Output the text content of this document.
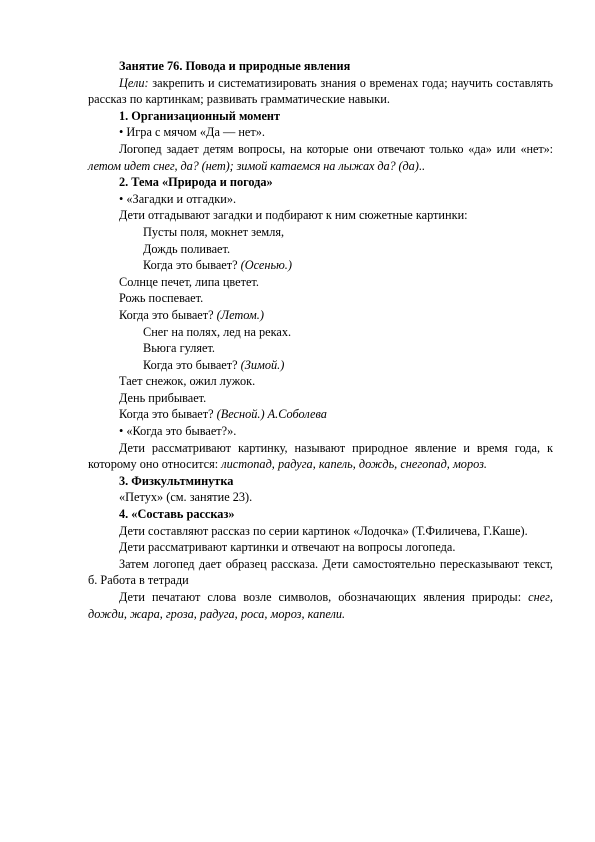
Занятие 76. Повода и природные явления

Цели: закрепить и систематизировать знания о временах года; научить составлять рассказ по картинкам; развивать грамматические навыки.

1. Организационный момент

• Игра с мячом «Да — нет».

Логопед задает детям вопросы, на которые они отвечают только «да» или «нет»: летом идет снег, да? (нет); зимой катаемся на лыжах да? (да)..

2. Тема «Природа и погода»

• «Загадки и отгадки».

Дети отгадывают загадки и подбирают к ним сюжетные картинки:

Пусты поля, мокнет земля,

Дождь поливает.

Когда это бывает? (Осенью.)

Солнце печет, липа цветет.

Рожь поспевает.

Когда это бывает? (Летом.)

Снег на полях, лед на реках.

Вьюга гуляет.

Когда это бывает? (Зимой.)

Тает снежок, ожил лужок.

День прибывает.

Когда это бывает? (Весной.) А.Соболева

• «Когда это бывает?».

Дети рассматривают картинку, называют природное явление и время года, к которому оно относится: листопад, радуга, капель, дождь, снегопад, мороз.

3. Физкультминутка

«Петух» (см. занятие 23).

4. «Составь рассказ»

Дети составляют рассказ по серии картинок «Лодочка» (Т.Филичева, Г.Каше).

Дети рассматривают картинки и отвечают на вопросы логопеда.

Затем логопед дает образец рассказа. Дети самостоятельно пересказывают текст, б. Работа в тетради

Дети печатают слова возле символов, обозначающих явления природы: снег, дожди, жара, гроза, радуга, роса, мороз, капели.
